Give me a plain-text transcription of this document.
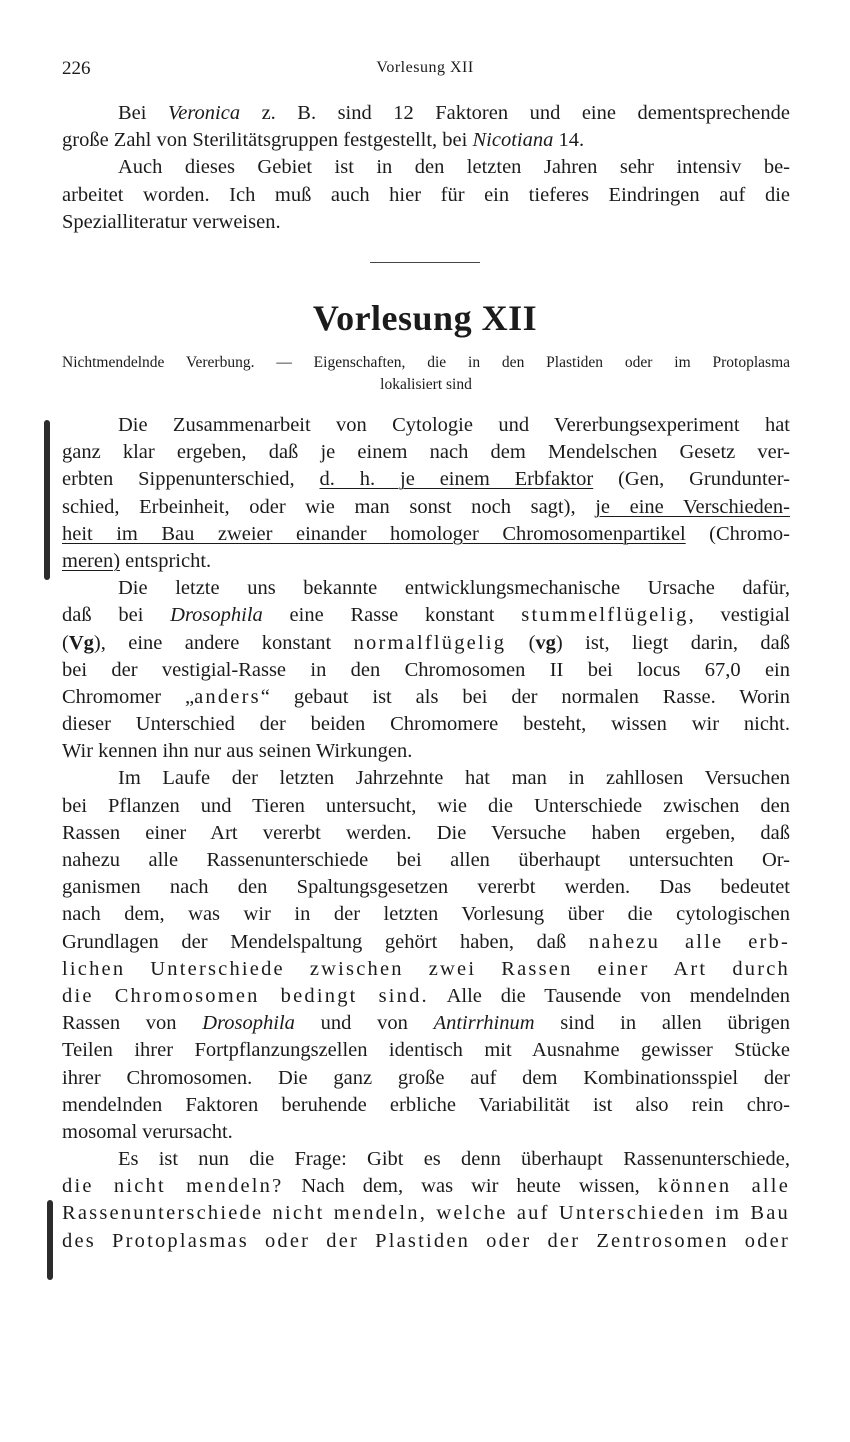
226	Vorlesung XII
Bei Veronica z. B. sind 12 Faktoren und eine dementsprechende
große Zahl von Sterilitätsgruppen festgestellt, bei Nicotiana 14.
Auch dieses Gebiet ist in den letzten Jahren sehr intensiv be-
arbeitet worden. Ich muß auch hier für ein tieferes Eindringen auf die
Spezialliteratur verweisen.
Vorlesung XII
Nichtmendelnde Vererbung. — Eigenschaften, die in den Plastiden oder im Protoplasma
lokalisiert sind
Die Zusammenarbeit von Cytologie und Vererbungsexperiment hat
ganz klar ergeben, daß je einem nach dem Mendelschen Gesetz ver-
erbten Sippenunterschied, d. h. je einem Erbfaktor (Gen, Grundunter-
schied, Erbeinheit, oder wie man sonst noch sagt), je eine Verschieden-
heit im Bau zweier einander homologer Chromosomenpartikel (Chromo-
meren) entspricht.
Die letzte uns bekannte entwicklungsmechanische Ursache dafür,
daß bei Drosophila eine Rasse konstant stummelflügelig, vestigial
(Vg), eine andere konstant normalflügelig (vg) ist, liegt darin, daß
bei der vestigial-Rasse in den Chromosomen II bei locus 67,0 ein
Chromomer „anders“ gebaut ist als bei der normalen Rasse. Worin
dieser Unterschied der beiden Chromomere besteht, wissen wir nicht.
Wir kennen ihn nur aus seinen Wirkungen.
Im Laufe der letzten Jahrzehnte hat man in zahllosen Versuchen
bei Pflanzen und Tieren untersucht, wie die Unterschiede zwischen den
Rassen einer Art vererbt werden. Die Versuche haben ergeben, daß
nahezu alle Rassenunterschiede bei allen überhaupt untersuchten Or-
ganismen nach den Spaltungsgesetzen vererbt werden. Das bedeutet
nach dem, was wir in der letzten Vorlesung über die cytologischen
Grundlagen der Mendelspaltung gehört haben, daß nahezu alle erb-
lichen Unterschiede zwischen zwei Rassen einer Art durch
die Chromosomen bedingt sind. Alle die Tausende von mendelnden
Rassen von Drosophila und von Antirrhinum sind in allen übrigen
Teilen ihrer Fortpflanzungszellen identisch mit Ausnahme gewisser Stücke
ihrer Chromosomen. Die ganz große auf dem Kombinationsspiel der
mendelnden Faktoren beruhende erbliche Variabilität ist also rein chro-
mosomal verursacht.
Es ist nun die Frage: Gibt es denn überhaupt Rassenunterschiede,
die nicht mendeln? Nach dem, was wir heute wissen, können alle
Rassenunterschiede nicht mendeln, welche auf Unterschieden im Bau
des Protoplasmas oder der Plastiden oder der Zentrosomen oder
